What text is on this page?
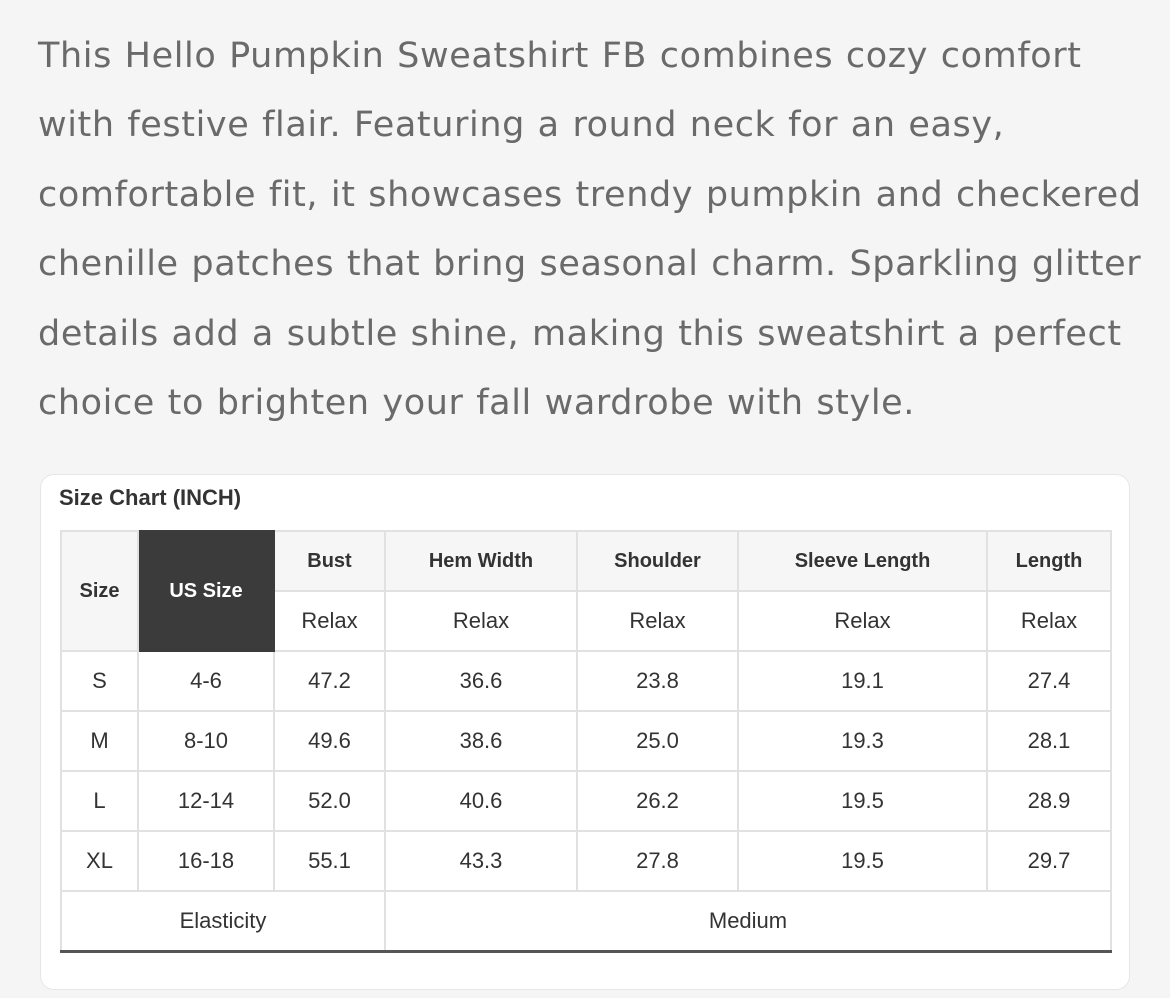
This Hello Pumpkin Sweatshirt FB combines cozy comfort
with festive flair. Featuring a round neck for an easy,
comfortable fit, it showcases trendy pumpkin and checkered
chenille patches that bring seasonal charm. Sparkling glitter
details add a subtle shine, making this sweatshirt a perfect
choice to brighten your fall wardrobe with style.

Size Chart (INCH)
Size	US Size	Bust	Hem Width	Shoulder	Sleeve Length	Length
		Relax	Relax	Relax	Relax	Relax
S	4-6	47.2	36.6	23.8	19.1	27.4
M	8-10	49.6	38.6	25.0	19.3	28.1
L	12-14	52.0	40.6	26.2	19.5	28.9
XL	16-18	55.1	43.3	27.8	19.5	29.7
Elasticity			Medium			
